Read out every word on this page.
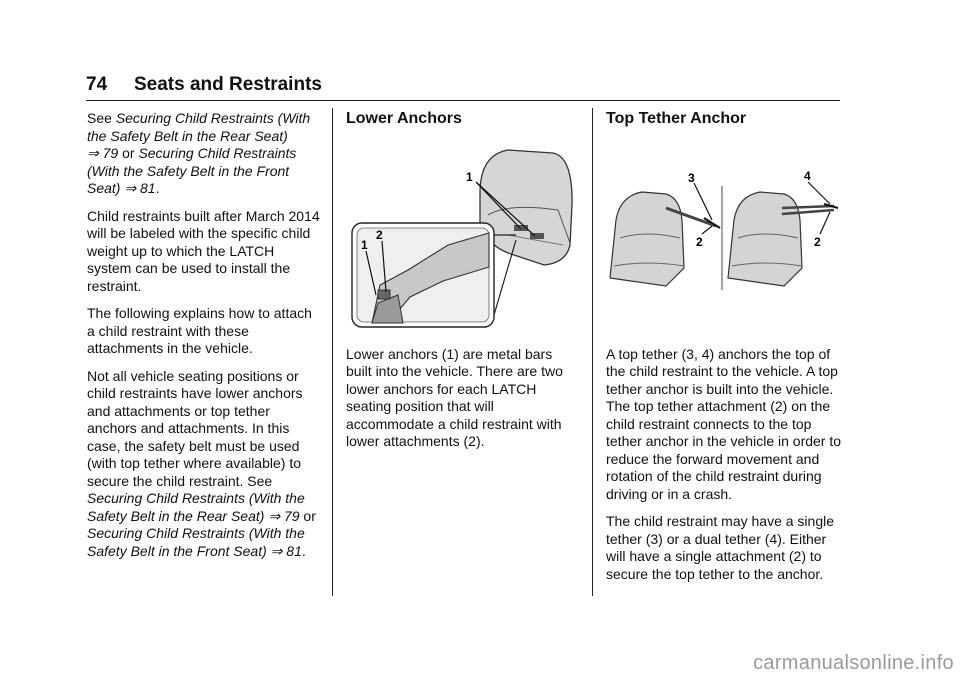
74 Seats and Restraints

See Securing Child Restraints (With the Safety Belt in the Rear Seat)
⇒ 79 or Securing Child Restraints (With the Safety Belt in the Front Seat) ⇒ 81.

Child restraints built after March 2014 will be labeled with the specific child weight up to which the LATCH system can be used to install the restraint.

The following explains how to attach a child restraint with these attachments in the vehicle.

Not all vehicle seating positions or child restraints have lower anchors and attachments or top tether anchors and attachments. In this case, the safety belt must be used (with top tether where available) to secure the child restraint. See Securing Child Restraints (With the Safety Belt in the Rear Seat) ⇒ 79 or Securing Child Restraints (With the Safety Belt in the Front Seat) ⇒ 81.

Lower Anchors

Lower anchors (1) are metal bars built into the vehicle. There are two lower anchors for each LATCH seating position that will accommodate a child restraint with lower attachments (2).

1
1
2
Top Tether Anchor

A top tether (3, 4) anchors the top of the child restraint to the vehicle. A top tether anchor is built into the vehicle. The top tether attachment (2) on the child restraint connects to the top tether anchor in the vehicle in order to reduce the forward movement and rotation of the child restraint during driving or in a crash.

The child restraint may have a single tether (3) or a dual tether (4). Either will have a single attachment (2) to secure the top tether to the anchor.

3
2
4
2
carmanualsonline.info
